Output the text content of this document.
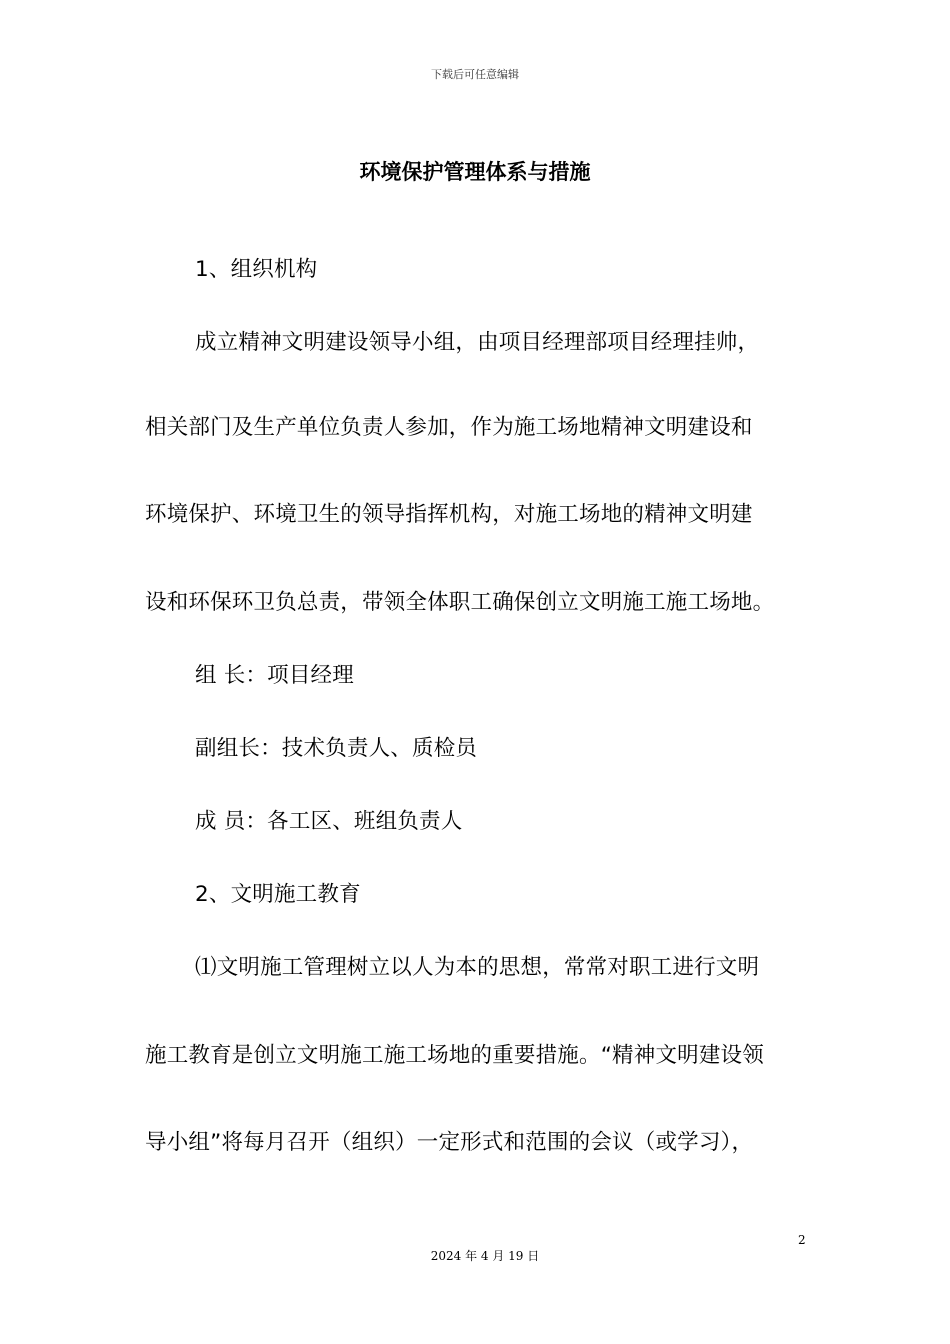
下载后可任意编辑
环境保护管理体系与措施
1、组织机构
成立精神文明建设领导小组，由项目经理部项目经理挂帅，
相关部门及生产单位负责人参加，作为施工场地精神文明建设和
环境保护、环境卫生的领导指挥机构，对施工场地的精神文明建
设和环保环卫负总责，带领全体职工确保创立文明施工施工场地。
组 长：项目经理
副组长：技术负责人、质检员
成 员：各工区、班组负责人
2、文明施工教育
⑴文明施工管理树立以人为本的思想，常常对职工进行文明
施工教育是创立文明施工施工场地的重要措施。“精神文明建设领
导小组”将每月召开（组织）一定形式和范围的会议（或学习），
2
2024 年 4 月 19 日
